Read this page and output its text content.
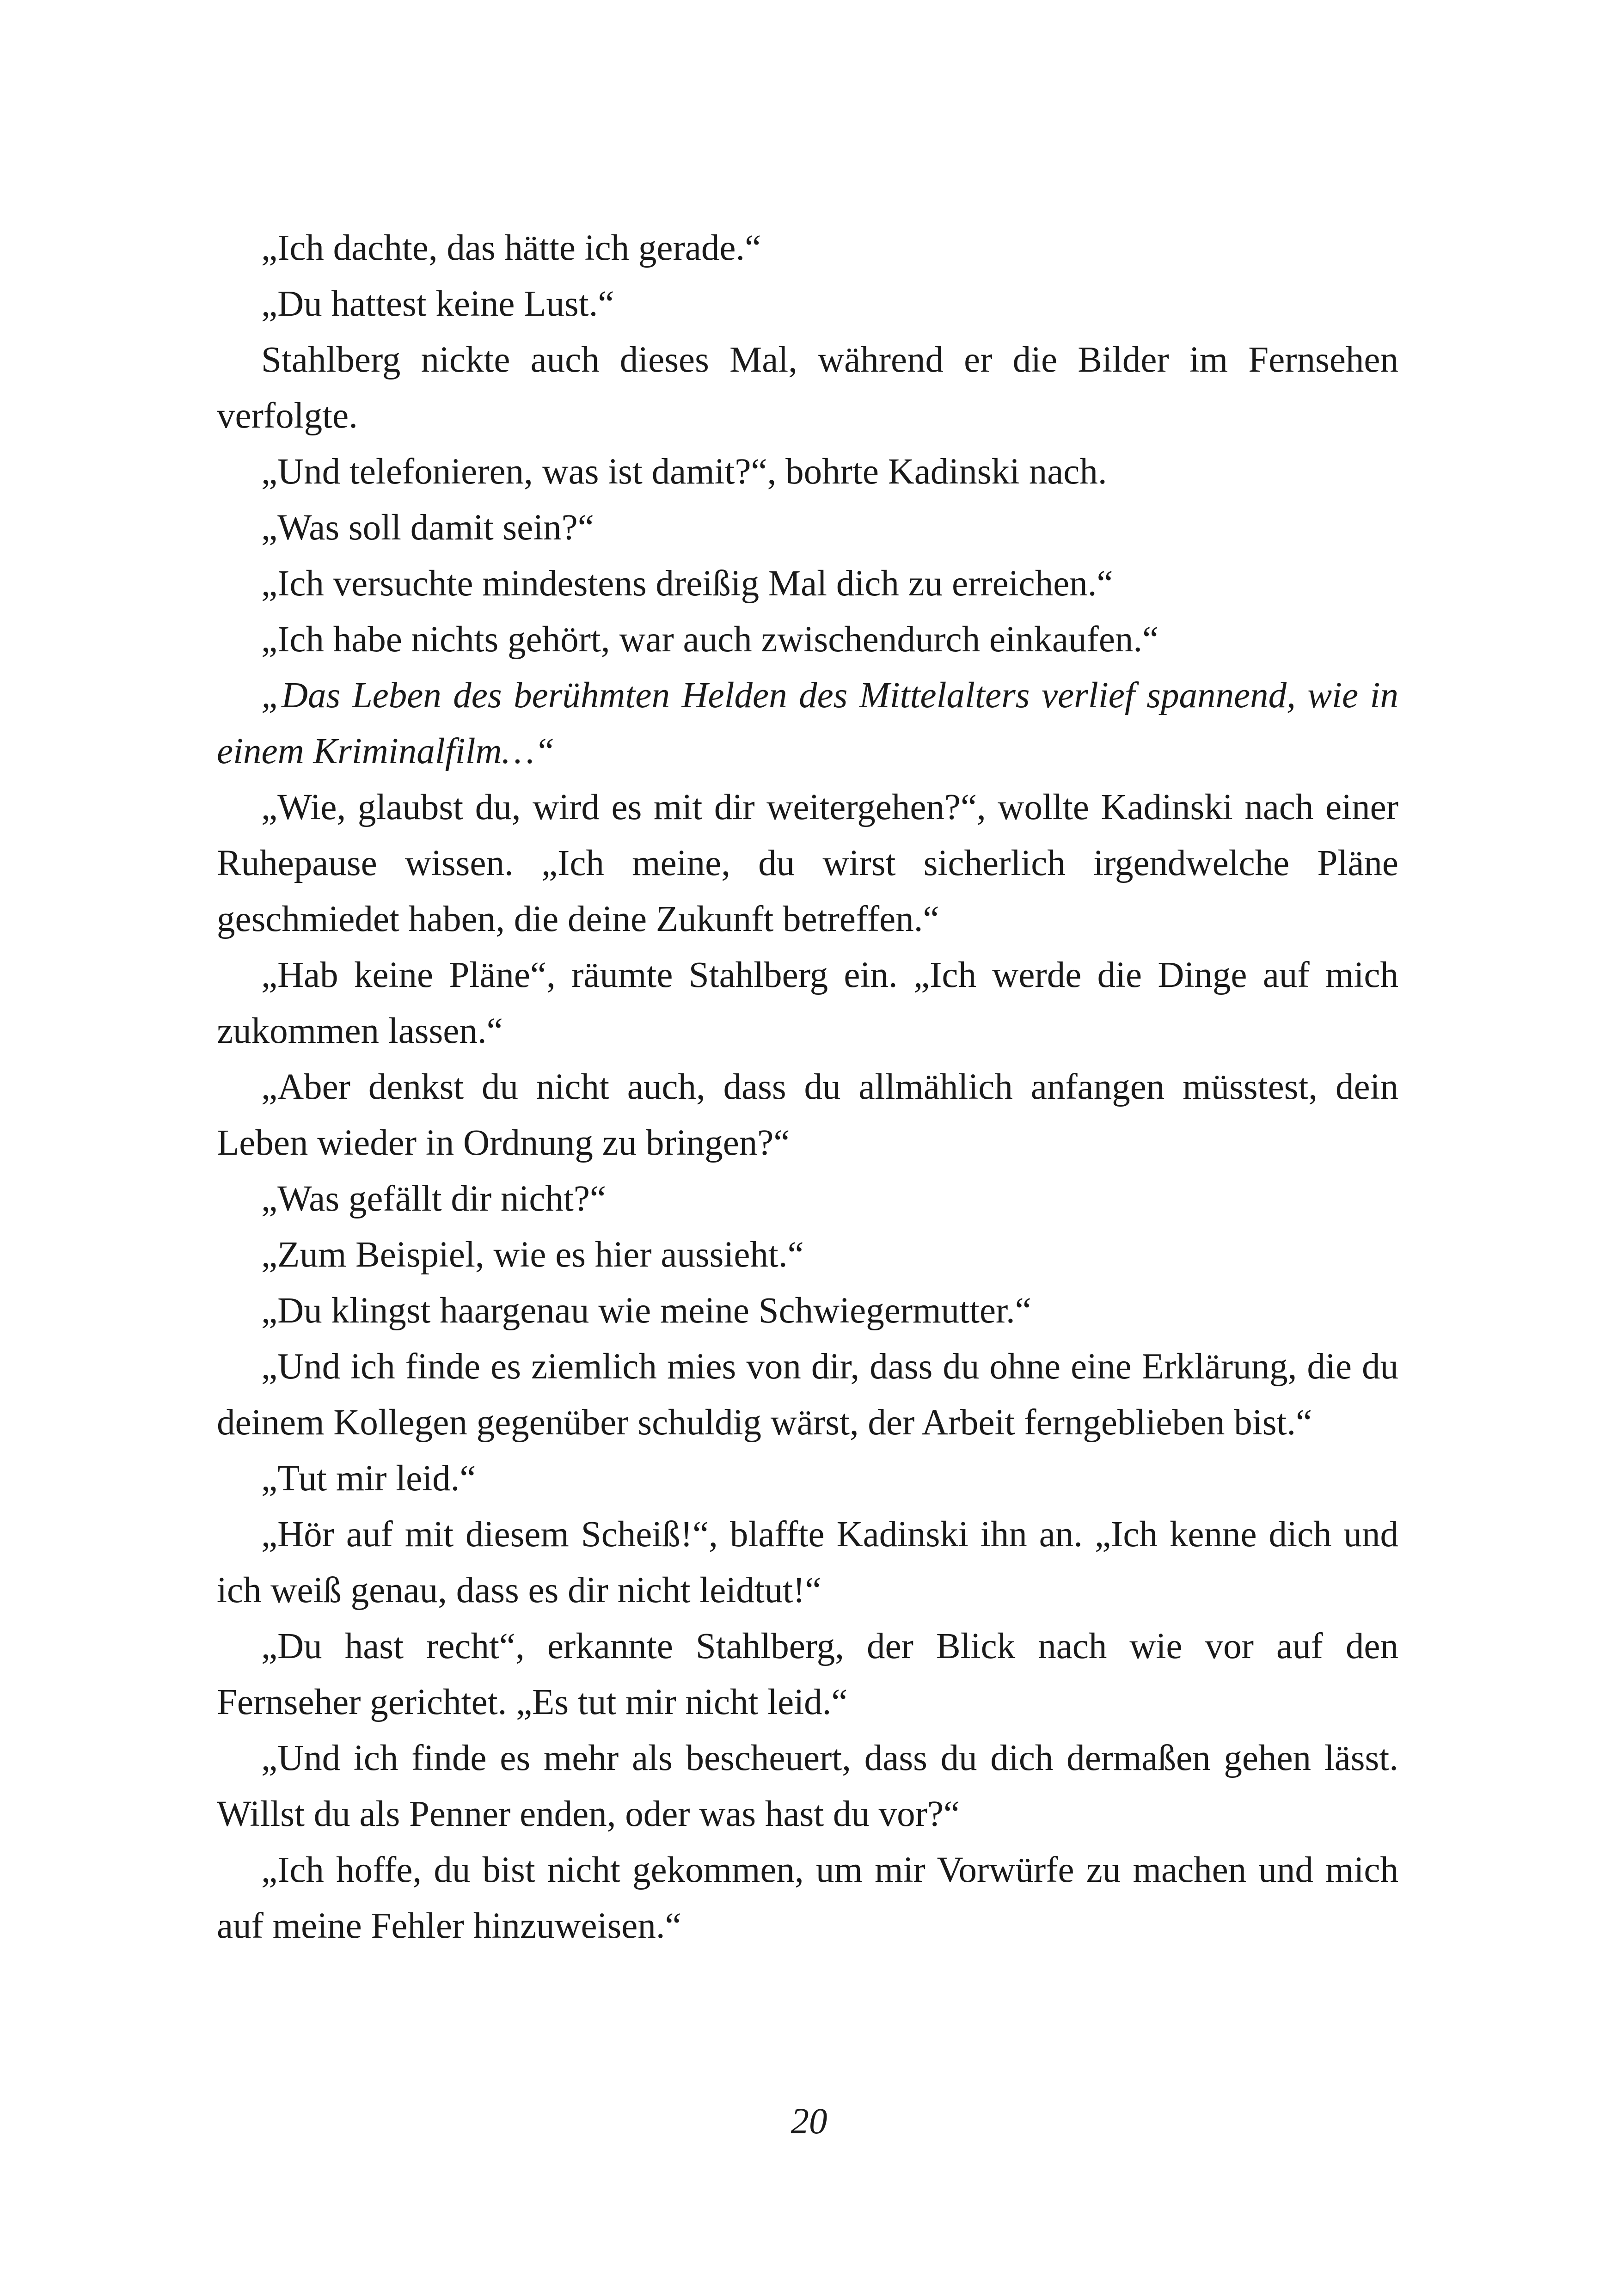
„Ich dachte, das hätte ich gerade.“

„Du hattest keine Lust.“

Stahlberg nickte auch dieses Mal, während er die Bilder im Fernsehen verfolgte.

„Und telefonieren, was ist damit?“, bohrte Kadinski nach.

„Was soll damit sein?“

„Ich versuchte mindestens dreißig Mal dich zu erreichen.“

„Ich habe nichts gehört, war auch zwischendurch einkaufen.“

„Das Leben des berühmten Helden des Mittelalters verlief spannend, wie in einem Kriminalfilm…“

„Wie, glaubst du, wird es mit dir weitergehen?“, wollte Kadinski nach einer Ruhepause wissen. „Ich meine, du wirst sicherlich irgendwelche Pläne geschmiedet haben, die deine Zukunft betreffen.“

„Hab keine Pläne“, räumte Stahlberg ein. „Ich werde die Dinge auf mich zukommen lassen.“

„Aber denkst du nicht auch, dass du allmählich anfangen müsstest, dein Leben wieder in Ordnung zu bringen?“

„Was gefällt dir nicht?“

„Zum Beispiel, wie es hier aussieht.“

„Du klingst haargenau wie meine Schwiegermutter.“

„Und ich finde es ziemlich mies von dir, dass du ohne eine Erklärung, die du deinem Kollegen gegenüber schuldig wärst, der Arbeit ferngeblieben bist.“

„Tut mir leid.“

„Hör auf mit diesem Scheiß!“, blaffte Kadinski ihn an. „Ich kenne dich und ich weiß genau, dass es dir nicht leidtut!“

„Du hast recht“, erkannte Stahlberg, der Blick nach wie vor auf den Fernseher gerichtet. „Es tut mir nicht leid.“

„Und ich finde es mehr als bescheuert, dass du dich dermaßen gehen lässt. Willst du als Penner enden, oder was hast du vor?“

„Ich hoffe, du bist nicht gekommen, um mir Vorwürfe zu machen und mich auf meine Fehler hinzuweisen.“

20
